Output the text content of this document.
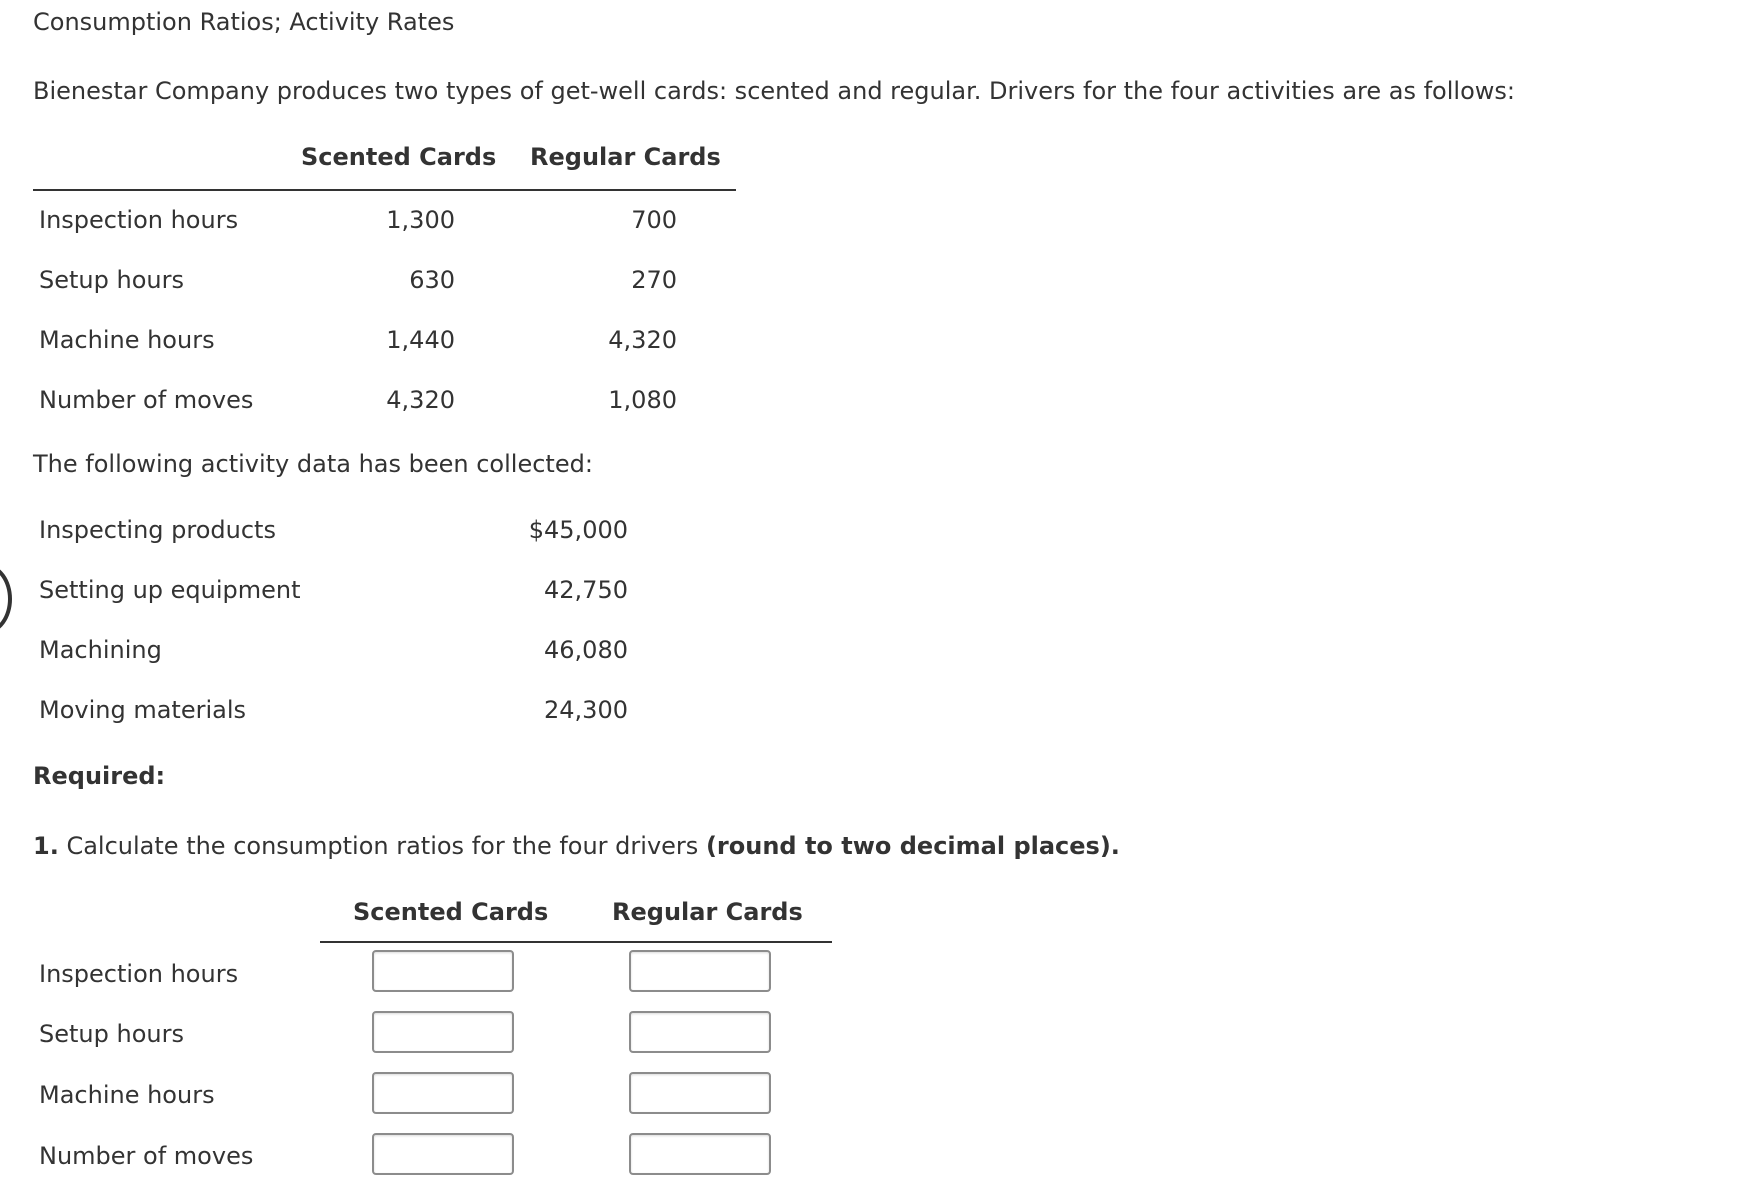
Consumption Ratios; Activity Rates
Bienestar Company produces two types of get-well cards: scented and regular. Drivers for the four activities are as follows:
Scented Cards Regular Cards
Inspection hours	1,300	700
Setup hours	630	270
Machine hours	1,440	4,320
Number of moves	4,320	1,080
The following activity data has been collected:
Inspecting products	$45,000
Setting up equipment	42,750
Machining	46,080
Moving materials	24,300
Required:
1. Calculate the consumption ratios for the four drivers (round to two decimal places).
Scented Cards	Regular Cards
Inspection hours
Setup hours
Machine hours
Number of moves
